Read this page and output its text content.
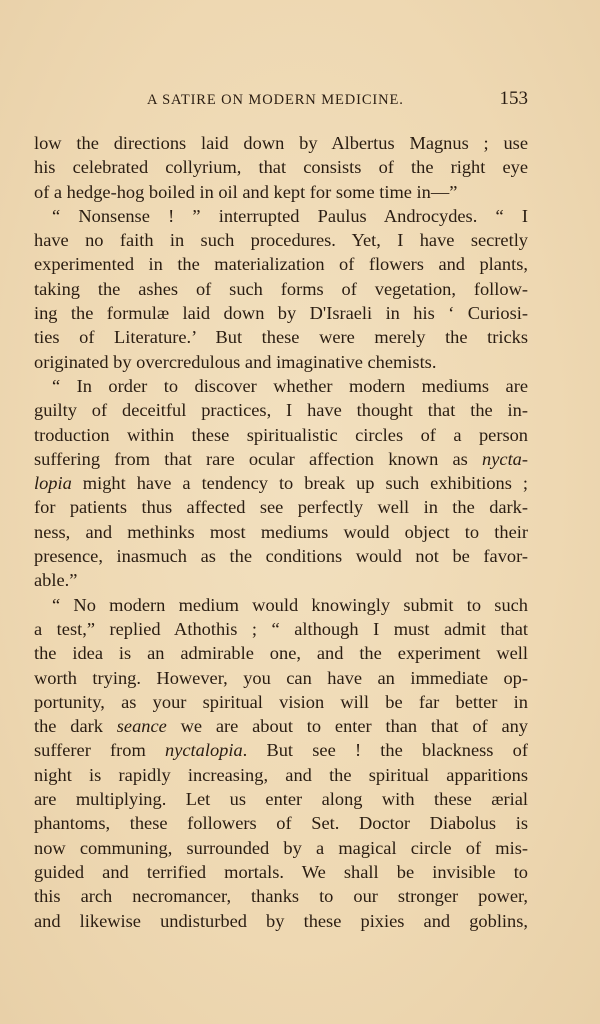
A SATIRE ON MODERN MEDICINE.	153
low the directions laid down by Albertus Magnus ; use
his celebrated collyrium, that consists of the right eye
of a hedge-hog boiled in oil and kept for some time in—”
“ Nonsense ! ” interrupted Paulus Androcydes. “ I
have no faith in such procedures. Yet, I have secretly
experimented in the materialization of flowers and plants,
taking the ashes of such forms of vegetation, follow-
ing the formulæ laid down by D'Israeli in his ‘ Curiosi-
ties of Literature.’ But these were merely the tricks
originated by overcredulous and imaginative chemists.
“ In order to discover whether modern mediums are
guilty of deceitful practices, I have thought that the in-
troduction within these spiritualistic circles of a person
suffering from that rare ocular affection known as nycta-
lopia might have a tendency to break up such exhibitions ;
for patients thus affected see perfectly well in the dark-
ness, and methinks most mediums would object to their
presence, inasmuch as the conditions would not be favor-
able.”
“ No modern medium would knowingly submit to such
a test,” replied Athothis ; “ although I must admit that
the idea is an admirable one, and the experiment well
worth trying. However, you can have an immediate op-
portunity, as your spiritual vision will be far better in
the dark seance we are about to enter than that of any
sufferer from nyctalopia. But see ! the blackness of
night is rapidly increasing, and the spiritual apparitions
are multiplying. Let us enter along with these ærial
phantoms, these followers of Set. Doctor Diabolus is
now communing, surrounded by a magical circle of mis-
guided and terrified mortals. We shall be invisible to
this arch necromancer, thanks to our stronger power,
and likewise undisturbed by these pixies and goblins,
